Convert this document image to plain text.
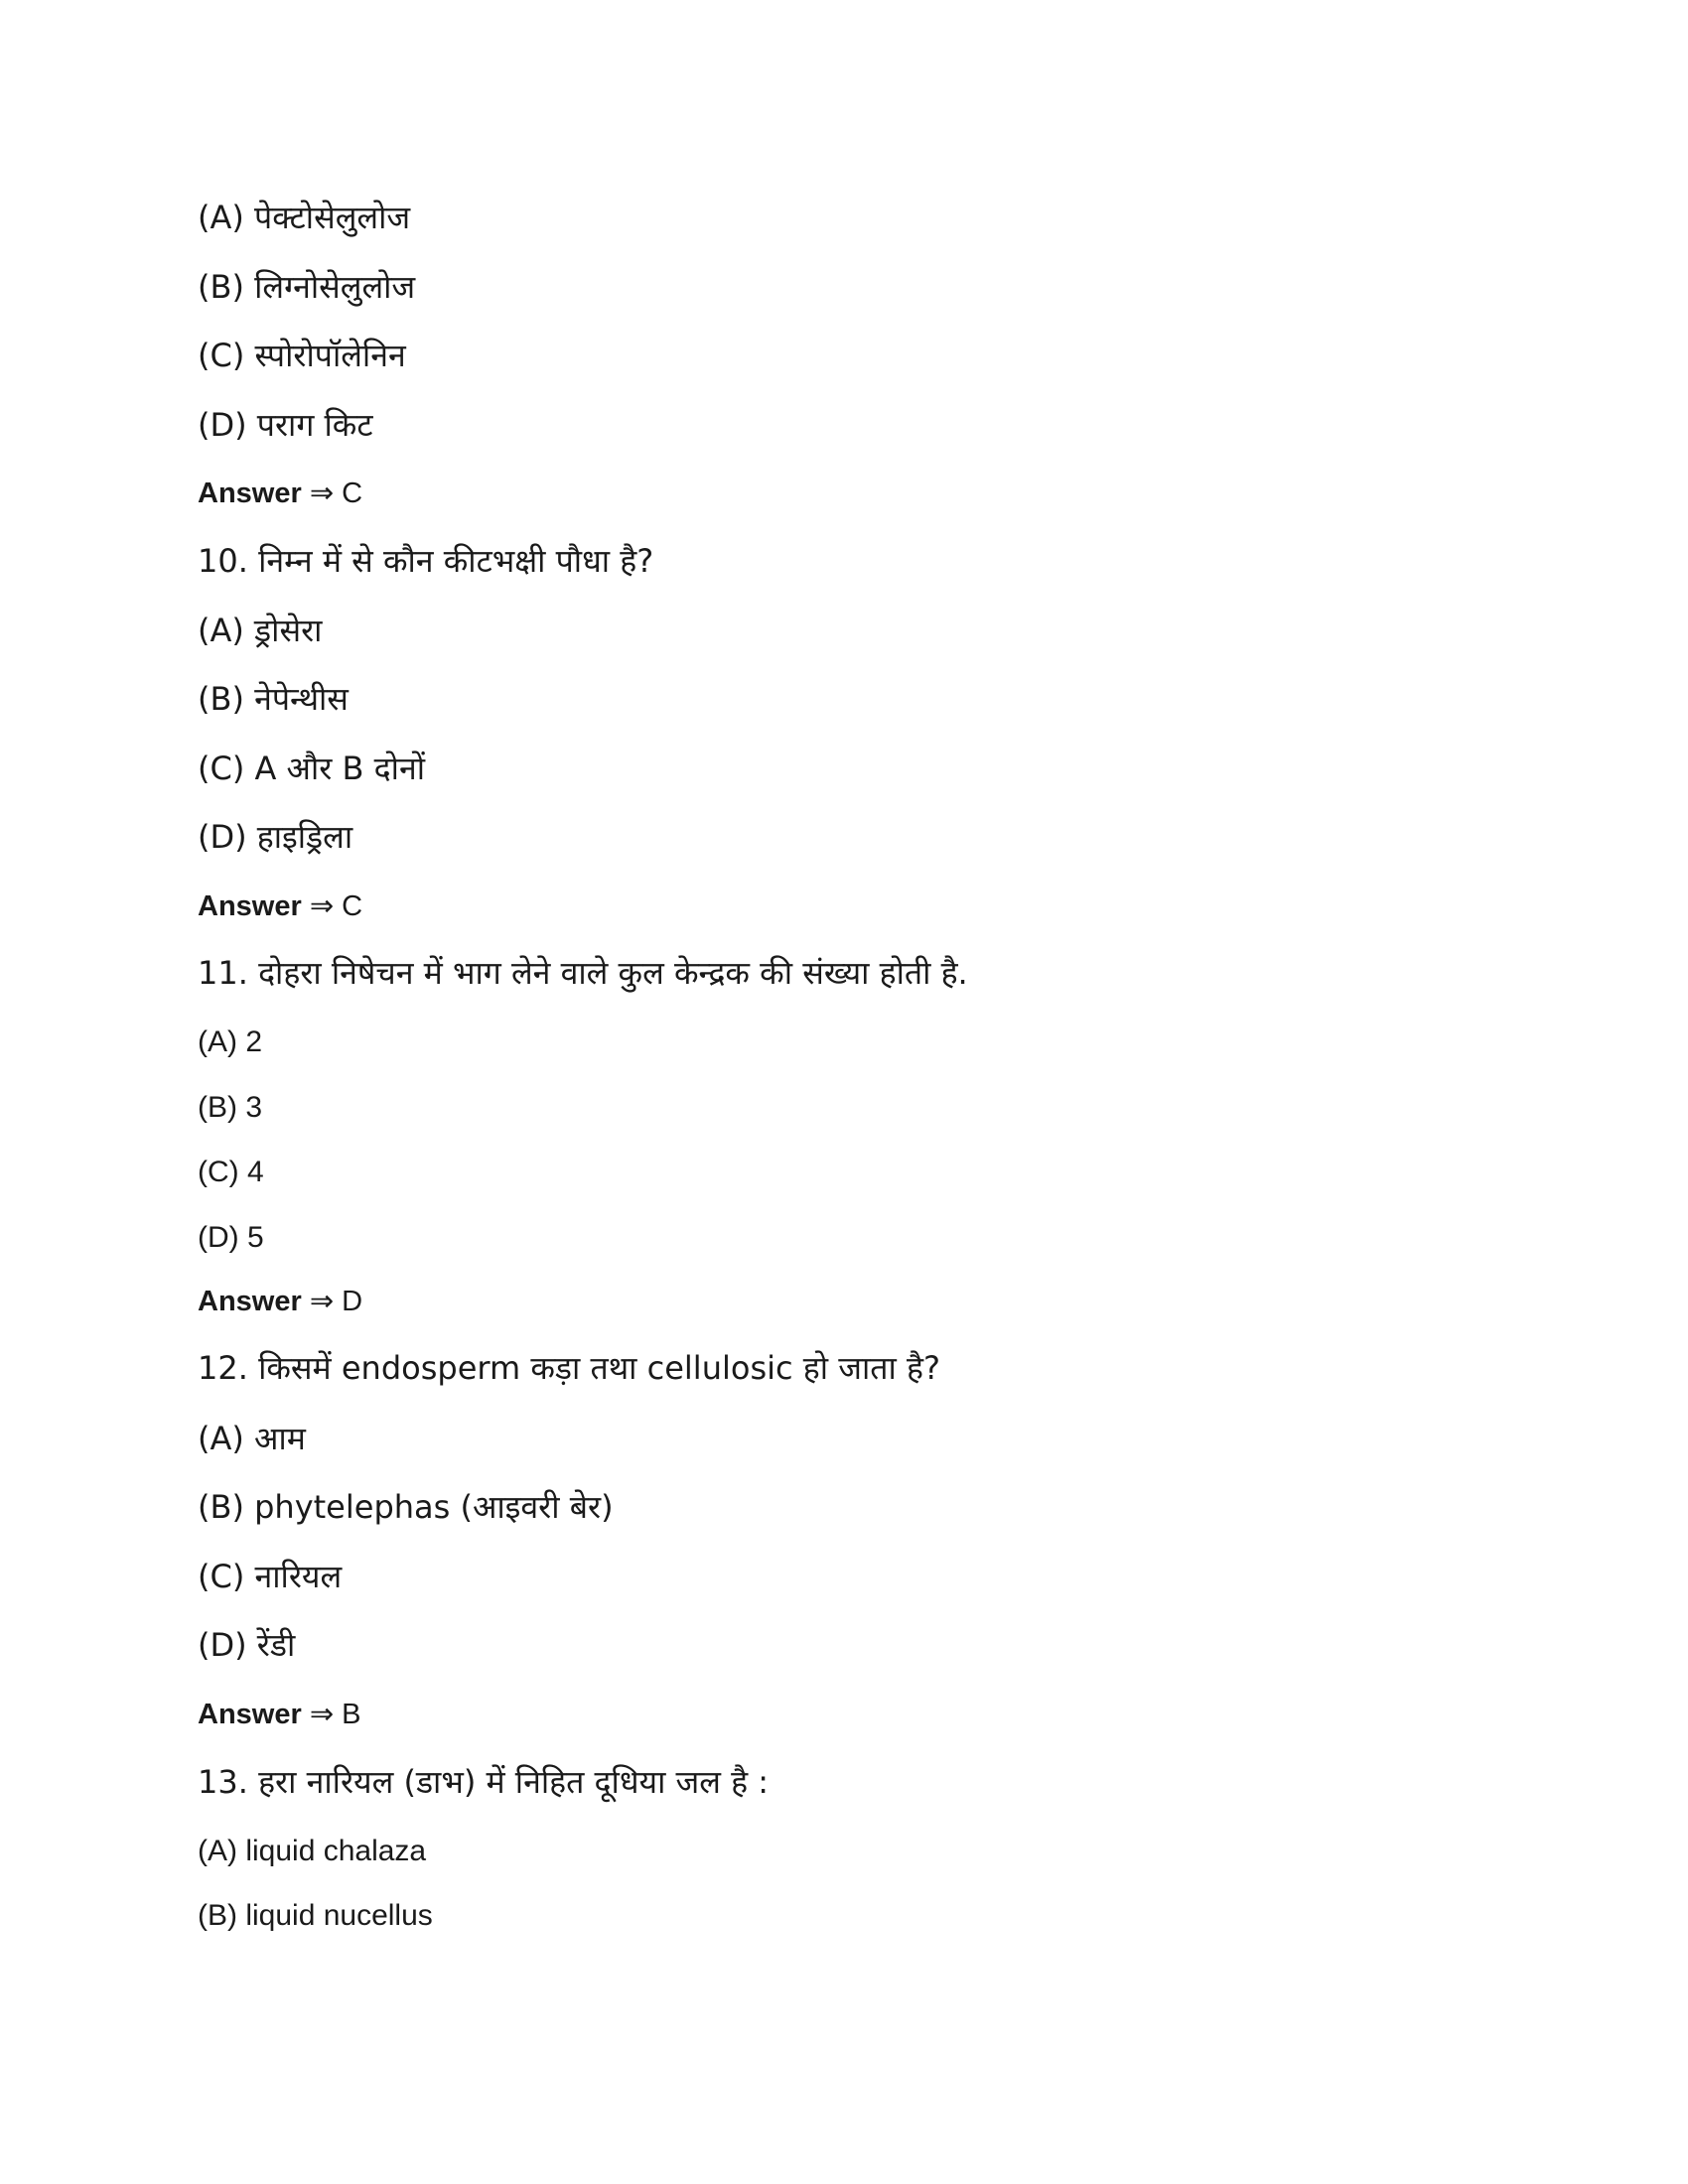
(A) पेक्टोसेलुलोज
(B) लिग्नोसेलुलोज
(C) स्पोरोपॉलेनिन
(D) पराग किट
Answer ⇒ C
10. निम्न में से कौन कीटभक्षी पौधा है?
(A) ड्रोसेरा
(B) नेपेन्थीस
(C) A और B दोनों
(D) हाइड्रिला
Answer ⇒ C
11. दोहरा निषेचन में भाग लेने वाले कुल केन्द्रक की संख्या होती है.
(A) 2
(B) 3
(C) 4
(D) 5
Answer ⇒ D
12. किसमें endosperm कड़ा तथा cellulosic हो जाता है?
(A) आम
(B) phytelephas (आइवरी बेर)
(C) नारियल
(D) रेंडी
Answer ⇒ B
13. हरा नारियल (डाभ) में निहित दूधिया जल है :
(A) liquid chalaza
(B) liquid nucellus
